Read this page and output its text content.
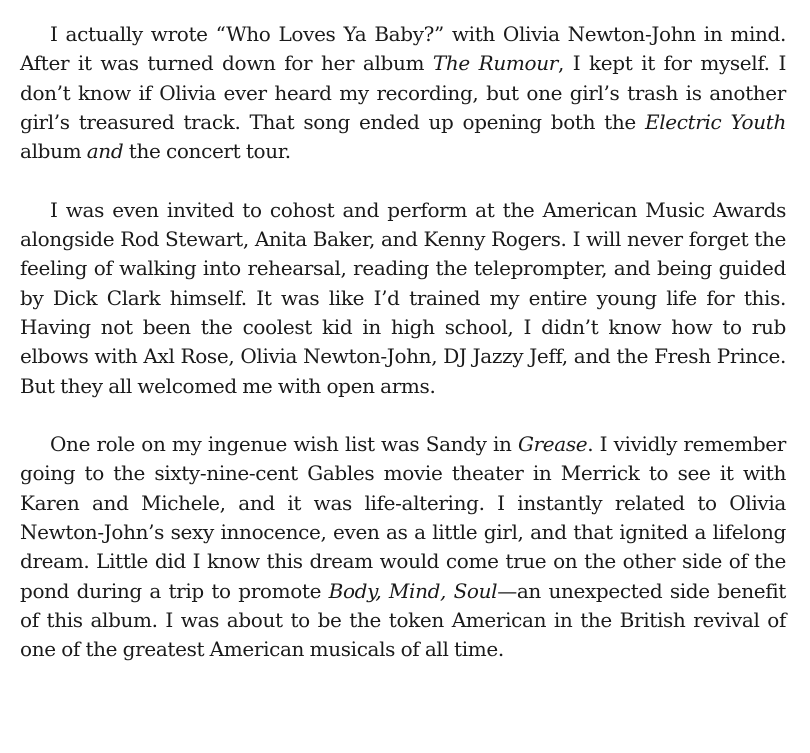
I actually wrote “Who Loves Ya Baby?” with Olivia Newton-John in mind. After it was turned down for her album The Rumour, I kept it for myself. I don’t know if Olivia ever heard my recording, but one girl’s trash is another girl’s treasured track. That song ended up opening both the Electric Youth album and the concert tour.

I was even invited to cohost and perform at the American Music Awards alongside Rod Stewart, Anita Baker, and Kenny Rogers. I will never forget the feeling of walking into rehearsal, reading the teleprompter, and being guided by Dick Clark himself. It was like I’d trained my entire young life for this. Having not been the coolest kid in high school, I didn’t know how to rub elbows with Axl Rose, Olivia Newton-John, DJ Jazzy Jeff, and the Fresh Prince. But they all welcomed me with open arms.

One role on my ingenue wish list was Sandy in Grease. I vividly remember going to the sixty-nine-cent Gables movie theater in Merrick to see it with Karen and Michele, and it was life-altering. I instantly related to Olivia Newton-John’s sexy innocence, even as a little girl, and that ignited a lifelong dream. Little did I know this dream would come true on the other side of the pond during a trip to promote Body, Mind, Soul—an unexpected side benefit of this album. I was about to be the token American in the British revival of one of the greatest American musicals of all time.
